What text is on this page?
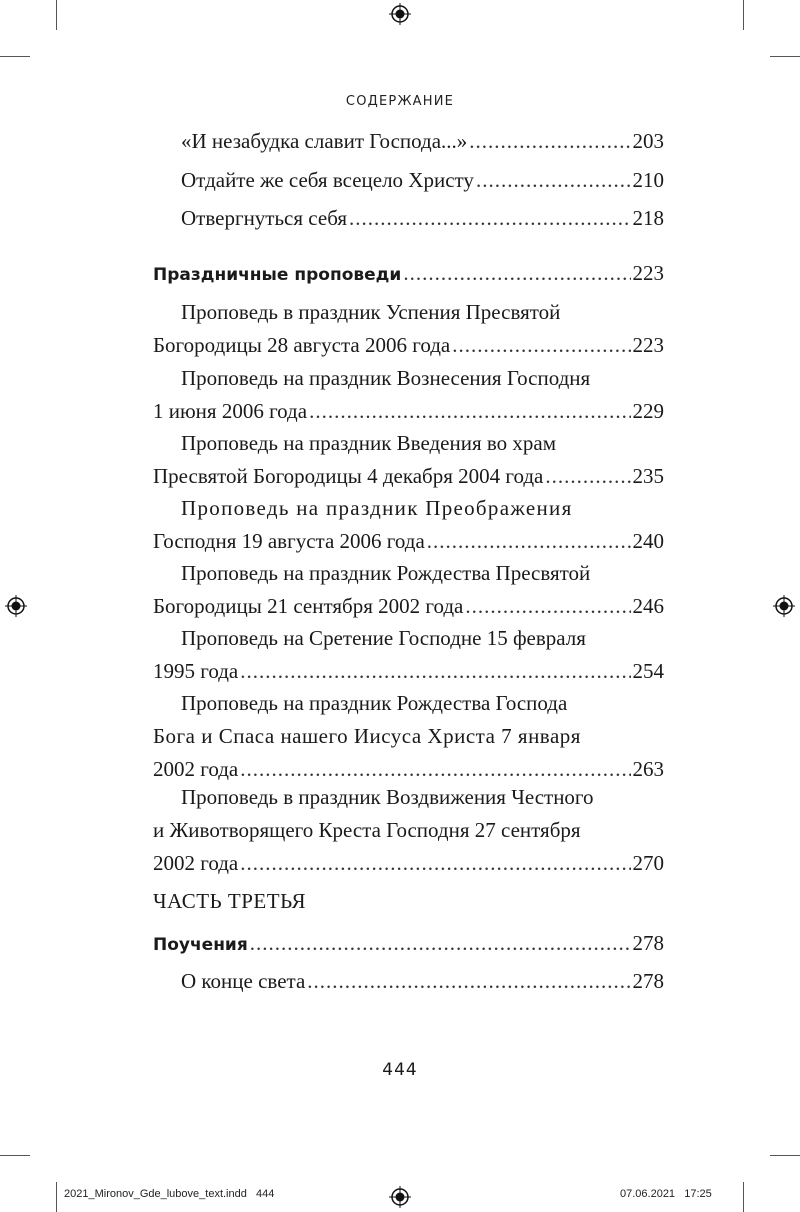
СОДЕРЖАНИЕ
«И незабудка славит Господа...» .....	203
Отдайте же себя всецело Христу .....	210
Отвергнуться себя .....	218
Праздничные проповеди .....	223
Проповедь в праздник Успения Пресвятой
Богородицы 28 августа 2006 года .....	223
Проповедь на праздник Вознесения Господня
1 июня 2006 года .....	229
Проповедь на праздник Введения во храм
Пресвятой Богородицы 4 декабря 2004 года .....	235
Проповедь на праздник Преображения
Господня 19 августа 2006 года .....	240
Проповедь на праздник Рождества Пресвятой
Богородицы 21 сентября 2002 года .....	246
Проповедь на Сретение Господне 15 февраля
1995 года .....	254
Проповедь на праздник Рождества Господа
Бога и Спаса нашего Иисуса Христа 7 января
2002 года .....	263
Проповедь в праздник Воздвижения Честного
и Животворящего Креста Господня 27 сентября
2002 года .....	270
ЧАСТЬ ТРЕТЬЯ
Поучения .....	278
О конце света .....	278
444
2021_Mironov_Gde_lubove_text.indd   444	07.06.2021   17:25
